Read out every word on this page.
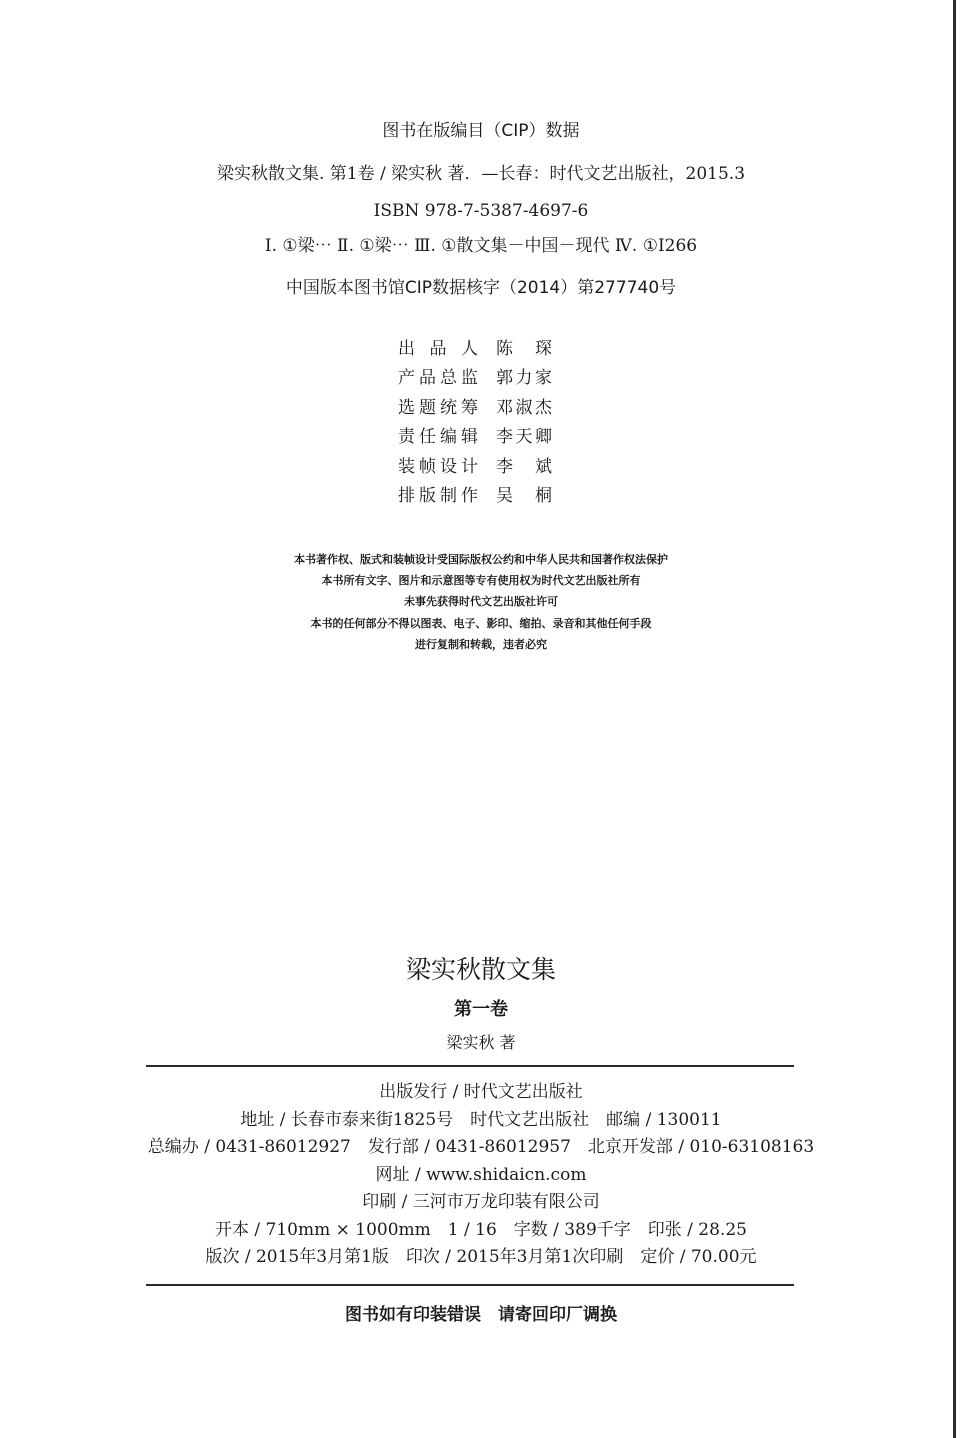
图书在版编目（CIP）数据
梁实秋散文集. 第1卷 / 梁实秋 著．—长春：时代文艺出版社，2015.3
ISBN 978-7-5387-4697-6
Ⅰ. ①梁⋯ Ⅱ. ①梁⋯ Ⅲ. ①散文集－中国－现代 Ⅳ. ①I266
中国版本图书馆CIP数据核字（2014）第277740号
出品人 陈琛
产品总监 郭力家
选题统筹 邓淑杰
责任编辑 李天卿
装帧设计 李斌
排版制作 吴桐
本书著作权、版式和装帧设计受国际版权公约和中华人民共和国著作权法保护
本书所有文字、图片和示意图等专有使用权为时代文艺出版社所有
未事先获得时代文艺出版社许可
本书的任何部分不得以图表、电子、影印、缩拍、录音和其他任何手段
进行复制和转载，违者必究
梁实秋散文集
第一卷
梁实秋 著
出版发行 / 时代文艺出版社
地址 / 长春市泰来街1825号　时代文艺出版社　邮编 / 130011
总编办 / 0431-86012927　发行部 / 0431-86012957　北京开发部 / 010-63108163
网址 / www.shidaicn.com
印刷 / 三河市万龙印装有限公司
开本 / 710mm × 1000mm　1 / 16　字数 / 389千字　印张 / 28.25
版次 / 2015年3月第1版　印次 / 2015年3月第1次印刷　定价 / 70.00元
图书如有印装错误　请寄回印厂调换
